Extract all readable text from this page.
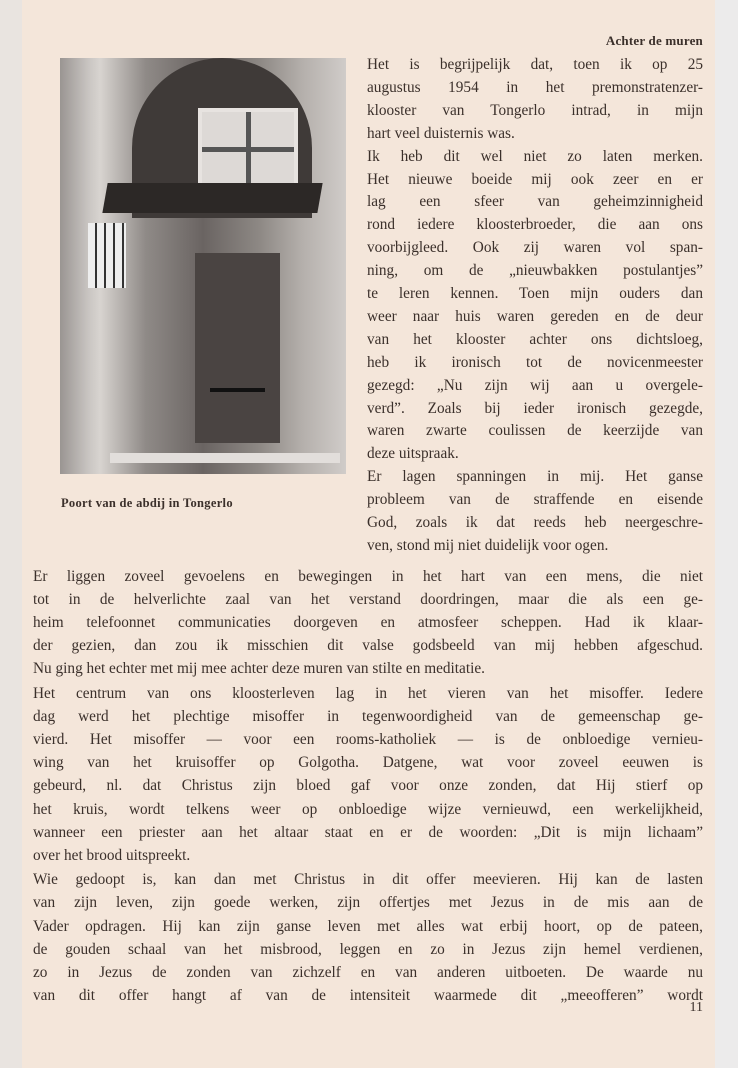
Achter de muren
Poort van de abdij in Tongerlo
Het is begrijpelijk dat, toen ik op 25
augustus 1954 in het premonstratenzer-
klooster van Tongerlo intrad, in mijn
hart veel duisternis was.
Ik heb dit wel niet zo laten merken.
Het nieuwe boeide mij ook zeer en er
lag een sfeer van geheimzinnigheid
rond iedere kloosterbroeder, die aan ons
voorbijgleed. Ook zij waren vol span-
ning, om de „nieuwbakken postulantjes”
te leren kennen. Toen mijn ouders dan
weer naar huis waren gereden en de deur
van het klooster achter ons dichtsloeg,
heb ik ironisch tot de novicenmeester
gezegd: „Nu zijn wij aan u overgele-
verd”. Zoals bij ieder ironisch gezegde,
waren zwarte coulissen de keerzijde van
deze uitspraak.
Er lagen spanningen in mij. Het ganse
probleem van de straffende en eisende
God, zoals ik dat reeds heb neergeschre-
ven, stond mij niet duidelijk voor ogen.
Er liggen zoveel gevoelens en bewegingen in het hart van een mens, die niet
tot in de helverlichte zaal van het verstand doordringen, maar die als een ge-
heim telefoonnet communicaties doorgeven en atmosfeer scheppen. Had ik klaar-
der gezien, dan zou ik misschien dit valse godsbeeld van mij hebben afgeschud.
Nu ging het echter met mij mee achter deze muren van stilte en meditatie.
Het centrum van ons kloosterleven lag in het vieren van het misoffer. Iedere
dag werd het plechtige misoffer in tegenwoordigheid van de gemeenschap ge-
vierd. Het misoffer — voor een rooms-katholiek — is de onbloedige vernieu-
wing van het kruisoffer op Golgotha. Datgene, wat voor zoveel eeuwen is
gebeurd, nl. dat Christus zijn bloed gaf voor onze zonden, dat Hij stierf op
het kruis, wordt telkens weer op onbloedige wijze vernieuwd, een werkelijkheid,
wanneer een priester aan het altaar staat en er de woorden: „Dit is mijn lichaam”
over het brood uitspreekt.
Wie gedoopt is, kan dan met Christus in dit offer meevieren. Hij kan de lasten
van zijn leven, zijn goede werken, zijn offertjes met Jezus in de mis aan de
Vader opdragen. Hij kan zijn ganse leven met alles wat erbij hoort, op de pateen,
de gouden schaal van het misbrood, leggen en zo in Jezus zijn hemel verdienen,
zo in Jezus de zonden van zichzelf en van anderen uitboeten. De waarde nu
van dit offer hangt af van de intensiteit waarmede dit „meeofferen” wordt
11
